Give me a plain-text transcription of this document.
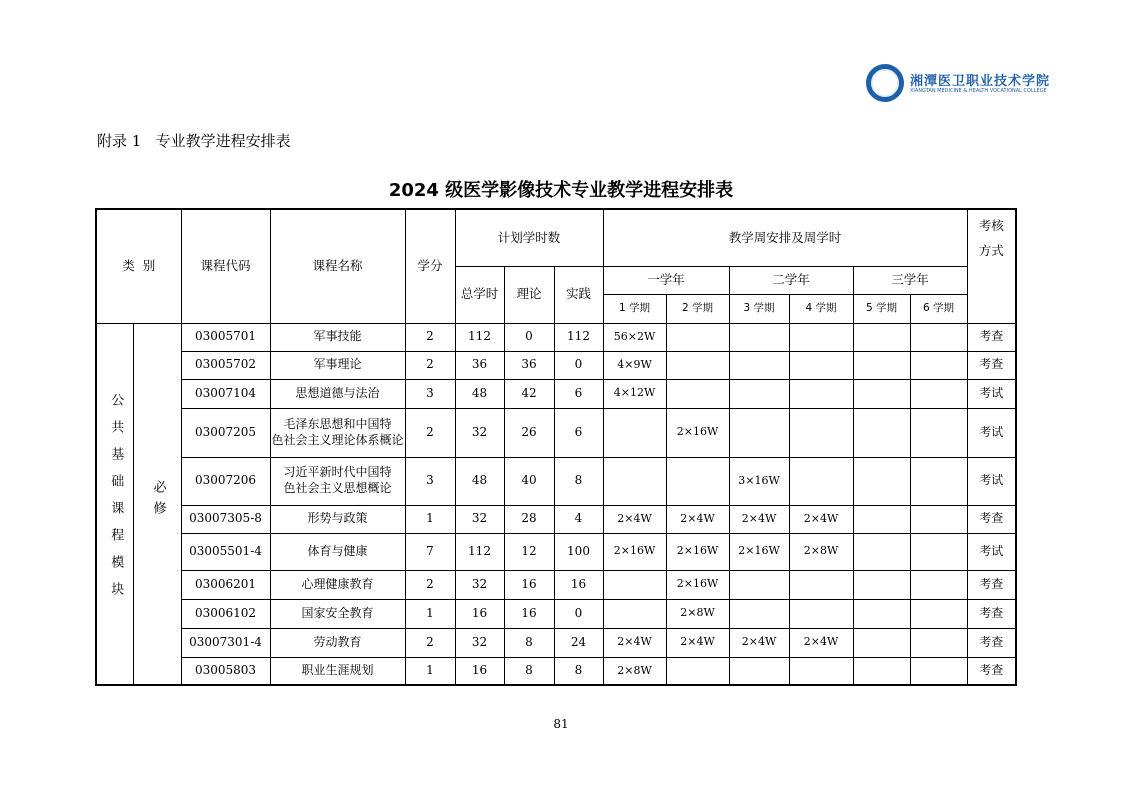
湘潭医卫职业技术学院
XIANGTAN MEDICINE & HEALTH VOCATIONAL COLLEGE
附录 1   专业教学进程安排表
2024 级医学影像技术专业教学进程安排表
类  别		课程代码	课程名称	学分	计划学时数			教学周安排及周学时						考核
方式
					总学时	理论	实践	一学年		二学年		三学年		
								1 学期	2 学期	3 学期	4 学期	5 学期	6 学期	
公共基础课程模块	必修	03005701	军事技能	2	112	0	112	56×2W						考查
		03005702	军事理论	2	36	36	0	4×9W						考查
		03007104	思想道德与法治	3	48	42	6	4×12W						考试
		03007205	毛泽东思想和中国特
色社会主义理论体系概论	2	32	26	6		2×16W					考试
		03007206	习近平新时代中国特
色社会主义思想概论	3	48	40	8			3×16W				考试
		03007305-8	形势与政策	1	32	28	4	2×4W	2×4W	2×4W	2×4W			考查
		03005501-4	体育与健康	7	112	12	100	2×16W	2×16W	2×16W	2×8W			考试
		03006201	心理健康教育	2	32	16	16		2×16W					考查
		03006102	国家安全教育	1	16	16	0		2×8W					考查
		03007301-4	劳动教育	2	32	8	24	2×4W	2×4W	2×4W	2×4W			考查
		03005803	职业生涯规划	1	16	8	8	2×8W						考查
81
